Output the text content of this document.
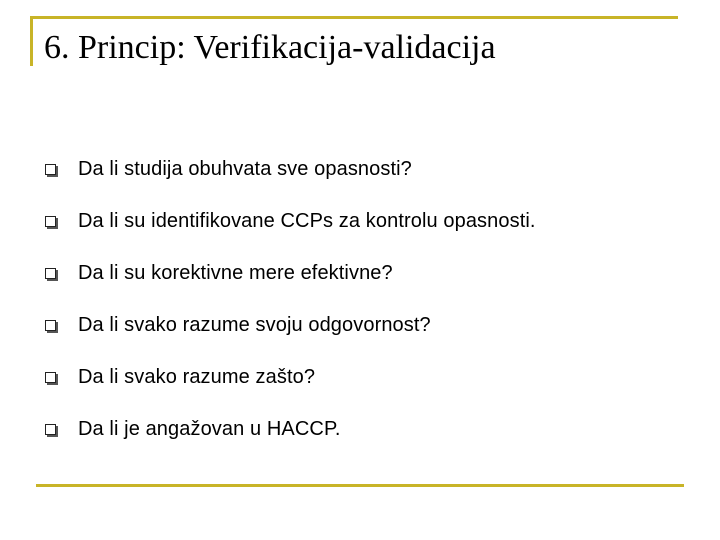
6. Princip: Verifikacija-validacija
Da li studija obuhvata sve opasnosti?
Da li su identifikovane CCPs za kontrolu opasnosti.
Da li su korektivne mere efektivne?
Da li svako razume svoju odgovornost?
Da li svako razume zašto?
Da li je angažovan u HACCP.
